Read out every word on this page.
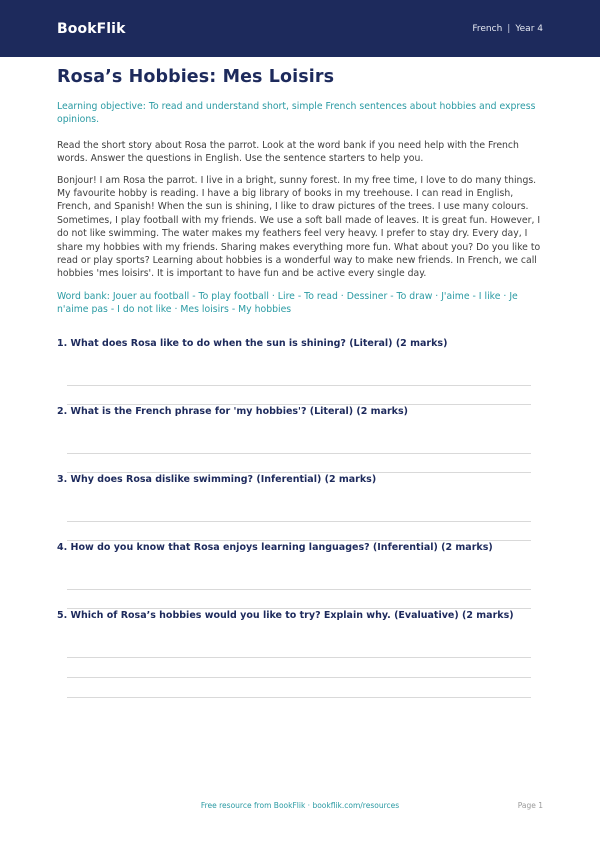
BookFlik	French | Year 4
Rosa’s Hobbies: Mes Loisirs

Learning objective: To read and understand short, simple French sentences about hobbies and express opinions.

Read the short story about Rosa the parrot. Look at the word bank if you need help with the French words. Answer the questions in English. Use the sentence starters to help you.

Bonjour! I am Rosa the parrot. I live in a bright, sunny forest. In my free time, I love to do many things. My favourite hobby is reading. I have a big library of books in my treehouse. I can read in English, French, and Spanish! When the sun is shining, I like to draw pictures of the trees. I use many colours. Sometimes, I play football with my friends. We use a soft ball made of leaves. It is great fun. However, I do not like swimming. The water makes my feathers feel very heavy. I prefer to stay dry. Every day, I share my hobbies with my friends. Sharing makes everything more fun. What about you? Do you like to read or play sports? Learning about hobbies is a wonderful way to make new friends. In French, we call hobbies 'mes loisirs'. It is important to have fun and be active every single day.

Word bank: Jouer au football - To play football · Lire - To read · Dessiner - To draw · J'aime - I like · Je n'aime pas - I do not like · Mes loisirs - My hobbies

1. What does Rosa like to do when the sun is shining? (Literal) (2 marks)
2. What is the French phrase for 'my hobbies'? (Literal) (2 marks)
3. Why does Rosa dislike swimming? (Inferential) (2 marks)
4. How do you know that Rosa enjoys learning languages? (Inferential) (2 marks)
5. Which of Rosa’s hobbies would you like to try? Explain why. (Evaluative) (2 marks)
Free resource from BookFlik · bookflik.com/resources	Page 1
